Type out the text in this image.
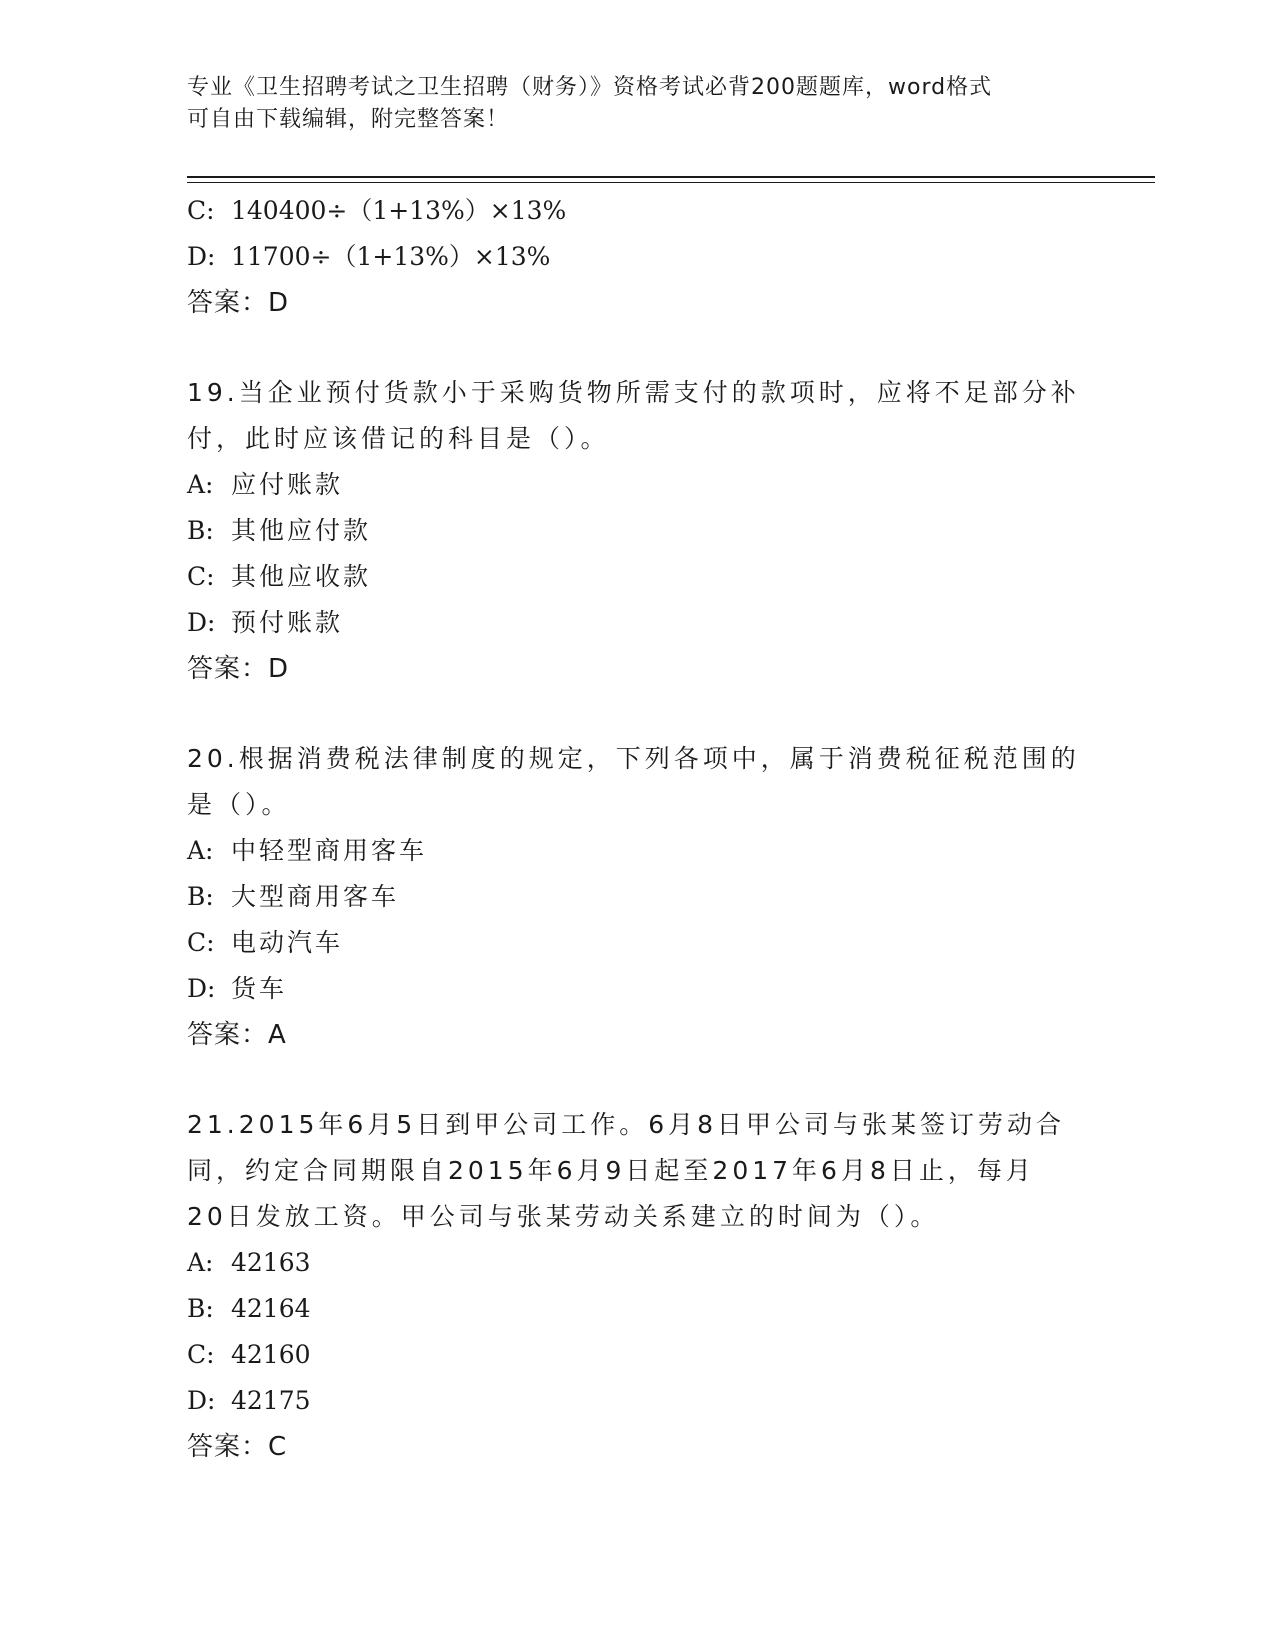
专业《卫生招聘考试之卫生招聘（财务）》资格考试必背200题题库，word格式
可自由下载编辑，附完整答案！
C: 140400÷（1+13%）×13%
D: 11700÷（1+13%）×13%
答案：D
19.当企业预付货款小于采购货物所需支付的款项时，应将不足部分补
付，此时应该借记的科目是（）。
A: 应付账款
B: 其他应付款
C: 其他应收款
D: 预付账款
答案：D
20.根据消费税法律制度的规定，下列各项中，属于消费税征税范围的
是（）。
A: 中轻型商用客车
B: 大型商用客车
C: 电动汽车
D: 货车
答案：A
21.2015年6月5日到甲公司工作。6月8日甲公司与张某签订劳动合
同，约定合同期限自2015年6月9日起至2017年6月8日止，每月
20日发放工资。甲公司与张某劳动关系建立的时间为（）。
A: 42163
B: 42164
C: 42160
D: 42175
答案：C
